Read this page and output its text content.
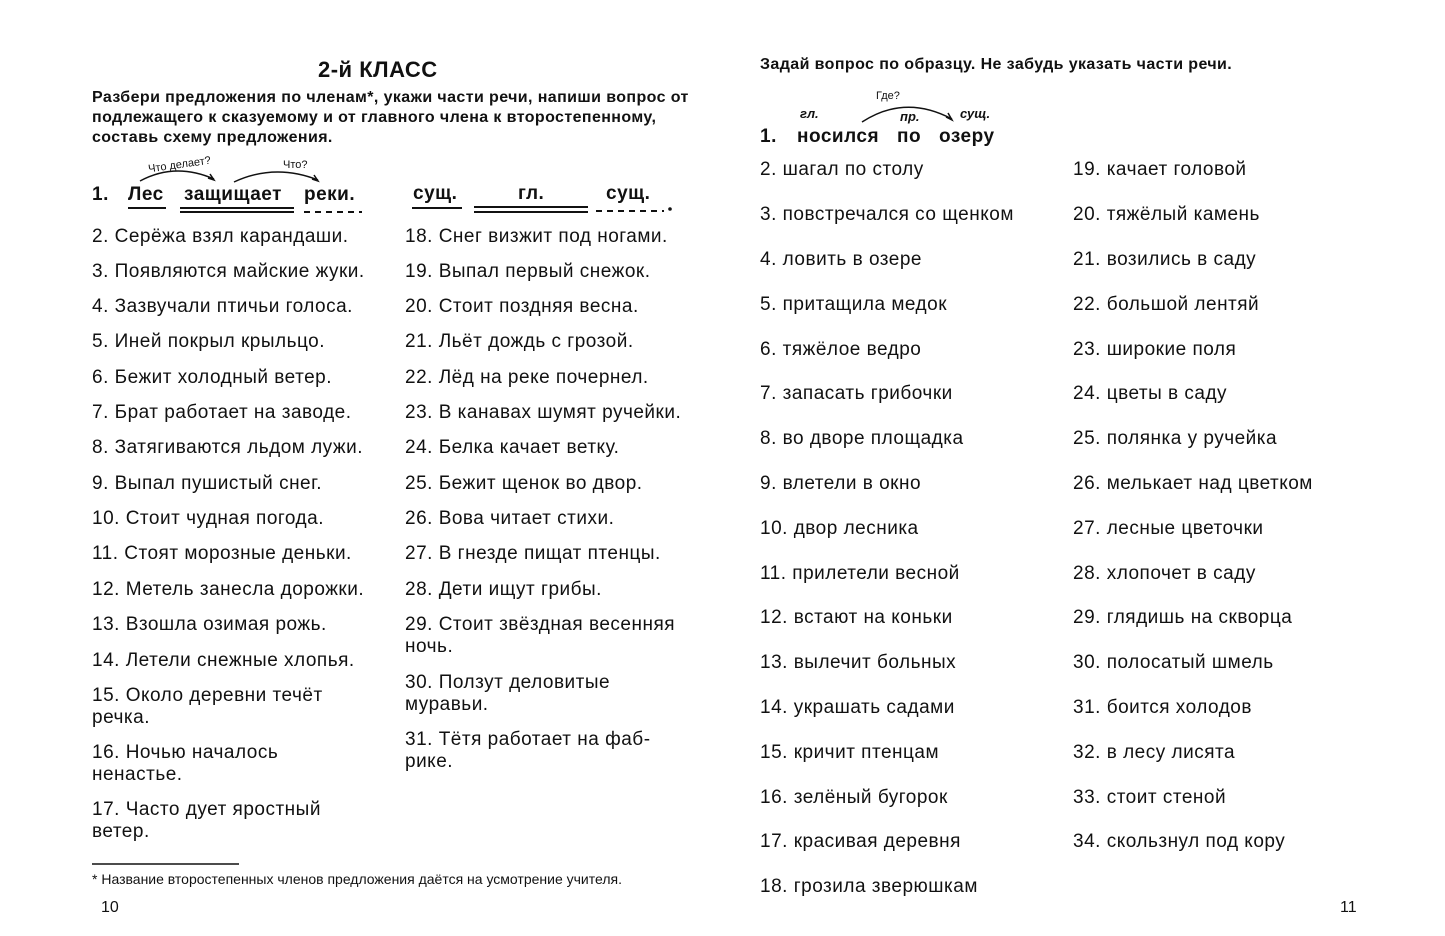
2-й КЛАСС
Разбери предложения по членам*, укажи части речи, напиши вопрос от подлежащего к сказуемому и от главного члена к второстепенному, составь схему предложения.
1. Лес защищает реки.
Что делает?	Что?
сущ.	гл.	сущ.
2. Серёжа взял карандаши.
3. Появляются майские жуки.
4. Зазвучали птичьи голоса.
5. Иней покрыл крыльцо.
6. Бежит холодный ветер.
7. Брат работает на заводе.
8. Затягиваются льдом лужи.
9. Выпал пушистый снег.
10. Стоит чудная погода.
11. Стоят морозные деньки.
12. Метель занесла дорожки.
13. Взошла озимая рожь.
14. Летели снежные хлопья.
15. Около деревни течёт речка.
16. Ночью началось ненастье.
17. Часто дует яростный ветер.
18. Снег визжит под ногами.
19. Выпал первый снежок.
20. Стоит поздняя весна.
21. Льёт дождь с грозой.
22. Лёд на реке почернел.
23. В канавах шумят ручейки.
24. Белка качает ветку.
25. Бежит щенок во двор.
26. Вова читает стихи.
27. В гнезде пищат птенцы.
28. Дети ищут грибы.
29. Стоит звёздная весенняя ночь.
30. Ползут деловитые муравьи.
31. Тётя работает на фаб-рике.
* Название второстепенных членов предложения даётся на усмотрение учителя.
10
Задай вопрос по образцу. Не забудь указать части речи.
гл.	пр.	сущ.
Где?
1. носился по озеру
2. шагал по столу
3. повстречался со щенком
4. ловить в озере
5. притащила медок
6. тяжёлое ведро
7. запасать грибочки
8. во дворе площадка
9. влетели в окно
10. двор лесника
11. прилетели весной
12. встают на коньки
13. вылечит больных
14. украшать садами
15. кричит птенцам
16. зелёный бугорок
17. красивая деревня
18. грозила зверюшкам
19. качает головой
20. тяжёлый камень
21. возились в саду
22. большой лентяй
23. широкие поля
24. цветы в саду
25. полянка у ручейка
26. мелькает над цветком
27. лесные цветочки
28. хлопочет в саду
29. глядишь на скворца
30. полосатый шмель
31. боится холодов
32. в лесу лисята
33. стоит стеной
34. скользнул под кору
11
